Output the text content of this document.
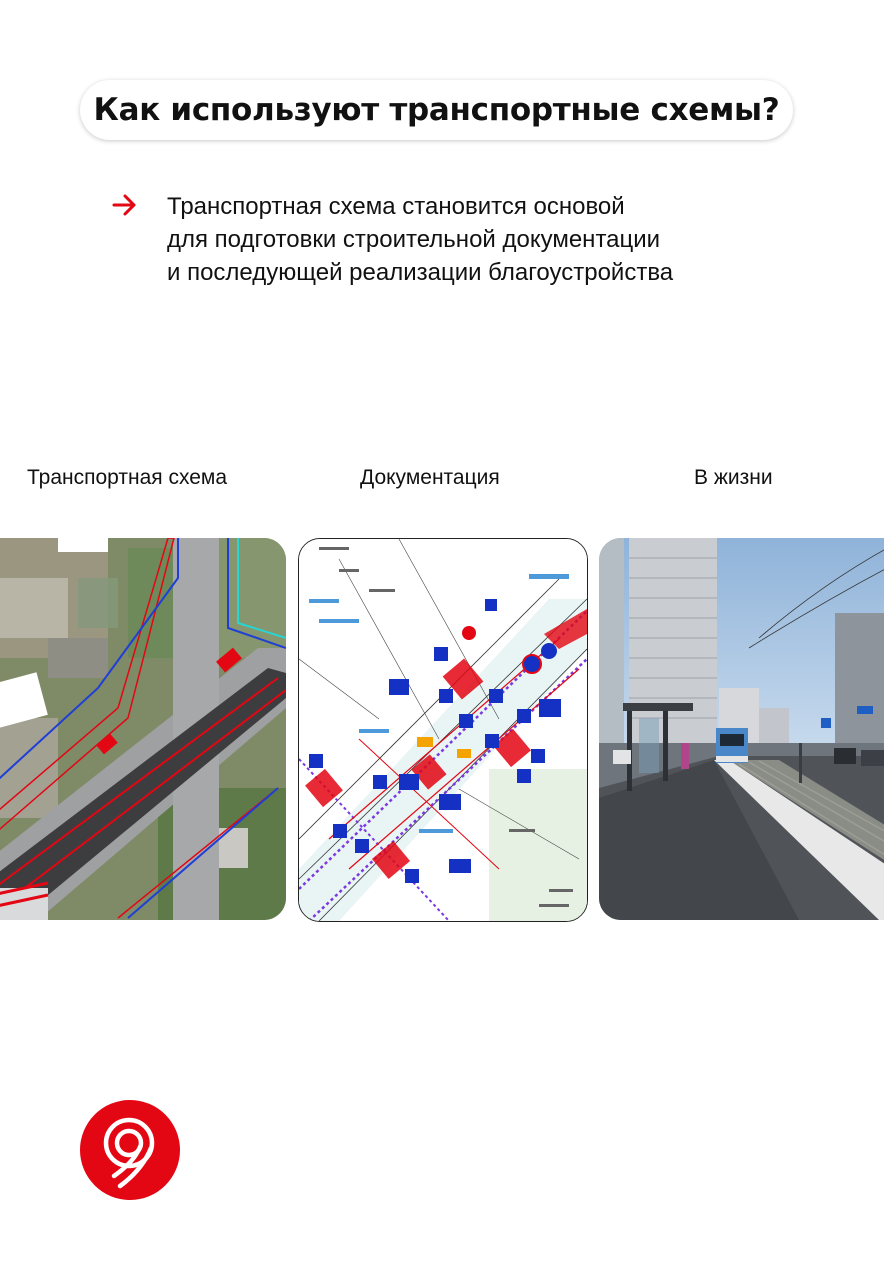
Как используют транспортные схемы?

Транспортная схема становится основой
для подготовки строительной документации
и последующей реализации благоустройства

Транспортная схема	Документация	В жизни
